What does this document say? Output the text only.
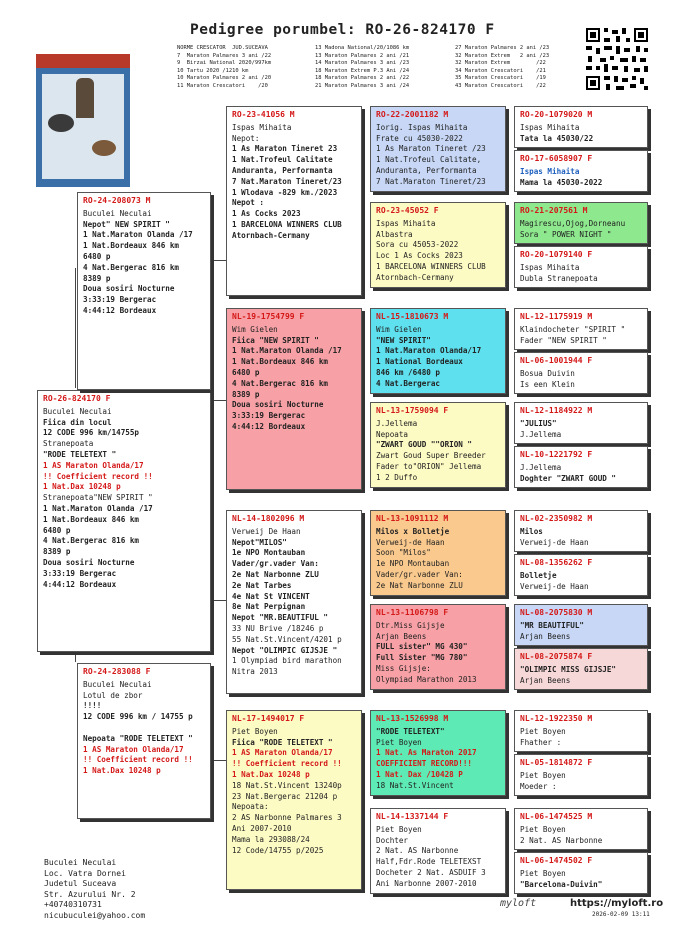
Pedigree porumbel: RO-26-824170 F
NORME CRESCATOR  JUD.SUCEAVA
7  Maraton Palmares 3 ani /22
9  Birzai National 2020/997km
10 Tartu 2020 /1210 km
10 Maraton Palmares 2 ani /20
11 Maraton Crescatori    /20
13 Madona National/20/1086 km
13 Maraton Palmares 2 ani /21
14 Maraton Palmares 3 ani /23
18 Maraton Extrem P.3 Ani /24
18 Maraton Palmares 2 ani /22
21 Maraton Palmares 3 ani /24
27 Maraton Palmares 2 ani /23
32 Maraton Extrem   2 ani /23
32 Maraton Extrem        /22
34 Maraton Crescatori    /21
35 Maraton Crescatori    /19
43 Maraton Crescatori    /22
RO-26-824170 F
Buculei Neculai
Fiica din locul
12 CODE 996 km/14755p
Stranepoata
"RODE TELETEXT "
1 AS Maraton Olanda/17
!! Coefficient record !!
1 Nat.Dax 10248 p
Stranepoata"NEW SPIRIT "
1 Nat.Maraton Olanda /17
1 Nat.Bordeaux 846 km
6480 p
4 Nat.Bergerac 816 km
8389 p
Doua sosiri Nocturne
3:33:19 Bergerac
4:44:12 Bordeaux
RO-24-208073 M
Buculei Neculai
Nepot" NEW SPIRIT "
1 Nat.Maraton Olanda /17
1 Nat.Bordeaux 846 km
6480 p
4 Nat.Bergerac 816 km
8389 p
Doua sosiri Nocturne
3:33:19 Bergerac
4:44:12 Bordeaux
RO-24-283088 F
Buculei Neculai
Lotul de zbor
!!!!
12 CODE 996 km / 14755 p

Nepoata "RODE TELETEXT "
1 AS Maraton Olanda/17
!! Coefficient record !!
1 Nat.Dax 10248 p
RO-23-41056 M
Ispas Mihaita
Nepot:
1 As Maraton Tineret 23
1 Nat.Trofeul Calitate
Anduranta, Performanta
7 Nat.Maraton Tineret/23
1 Wlodava -829 km./2023
Nepot :
1 As Cocks 2023
1 BARCELONA WINNERS CLUB
Atornbach-Cermany
NL-19-1754799 F
Wim Gielen
Fiica "NEW SPIRIT "
1 Nat.Maraton Olanda /17
1 Nat.Bordeaux 846 km
6480 p
4 Nat.Bergerac 816 km
8389 p
Doua sosiri Nocturne
3:33:19 Bergerac
4:44:12 Bordeaux
NL-14-1802096 M
Verweij De Haan
Nepot"MILOS"
1e NPO Montauban
Vader/gr.vader Van:
2e Nat Narbonne ZLU
2e Nat Tarbes
4e Nat St VINCENT
8e Nat Perpignan
Nepot "MR.BEAUTIFUL "
33 NU Brive /18246 p
55 Nat.St.Vincent/4201 p
Nepot "OLIMPIC GIJSJE "
1 Olympiad bird marathon
Nitra 2013
NL-17-1494017 F
Piet Boyen
Fiica "RODE TELETEXT "
1 AS Maraton Olanda/17
!! Coefficient record !!
1 Nat.Dax 10248 p
18 Nat.St.Vincent 13240p
23 Nat.Bergerac 21204 p
Nepoata:
2 AS Narbonne Palmares 3
Ani 2007-2010
Mama la 293088/24
12 Code/14755 p/2025
RO-22-2001182 M
Iorig. Ispas Mihaita
Frate cu 45030-2022
1 As Maraton Tineret /23
1 Nat.Trofeul Calitate,
Anduranta, Performanta
7 Nat.Maraton Tineret/23
RO-23-45052 F
Ispas Mihaita
Albastra
Sora cu 45053-2022
Loc 1 As Cocks 2023
1 BARCELONA WINNERS CLUB
Atornbach-Cermany
NL-15-1810673 M
Wim Gielen
"NEW SPIRIT"
1 Nat.Maraton Olanda/17
1 National Bordeaux
846 km /6480 p
4 Nat.Bergerac
NL-13-1759094 F
J.Jellema
Nepoata
"ZWART GOUD ""ORION "
Zwart Goud Super Breeder
Fader to"ORION" Jellema
1 2 Duffo
NL-13-1091112 M
Milos x Bolletje
Verweij-de Haan
Soon "Milos"
1e NPO Montauban
Vader/gr.vader Van:
2e Nat Narbonne ZLU
NL-13-1106798 F
Dtr.Miss Gijsje
Arjan Beens
FULL sister" MG 430"
Full Sister "MG 780"
Miss Gijsje:
Olympiad Marathon 2013
NL-13-1526998 M
"RODE TELETEXT"
Piet Boyen
1 Nat. As Maraton 2017
COEFFICIENT RECORD!!!
1 Nat. Dax /10428 P
18 Nat.St.Vincent
NL-14-1337144 F
Piet Boyen
Dochter
2 Nat. AS Narbonne
Half,Fdr.Rode TELETEXST
Docheter 2 Nat. ASDUIF 3
Ani Narbonne 2007-2010
RO-20-1079020 M
Ispas Mihaita
Tata la 45030/22
RO-17-6058907 F
Ispas Mihaita
Mama la 45030-2022
RO-21-207561 M
Magirescu,Ojog,Dorneanu
Sora " POWER NIGHT "
RO-20-1079140 F
Ispas Mihaita
Dubla Stranepoata
NL-12-1175919 M
Klaindocheter "SPIRIT "
Fader "NEW SPIRIT "
NL-06-1001944 F
Bosua Duivin
Is een Klein
NL-12-1184922 M
"JULIUS"
J.Jellema
NL-10-1221792 F
J.Jellema
Doghter "ZWART GOUD "
NL-02-2350982 M
Milos
Verweij-de Haan
NL-08-1356262 F
Bolletje
Verweij-de Haan
NL-08-2075830 M
"MR BEAUTIFUL"
Arjan Beens
NL-08-2075874 F
"OLIMPIC MISS GIJSJE"
Arjan Beens
NL-12-1922350 M
Piet Boyen
Fhather :
NL-05-1814872 F
Piet Boyen
Moeder :
NL-06-1474525 M
Piet Boyen
2 Nat. AS Narbonne
NL-06-1474502 F
Piet Boyen
"Barcelona-Duivin"
Buculei Neculai
Loc. Vatra Dornei
Judetul Suceava
Str. Azurului Nr. 2
+40740310731
nicubuculei@yahoo.com
myloft	https://myloft.ro
2026-02-09 13:11
